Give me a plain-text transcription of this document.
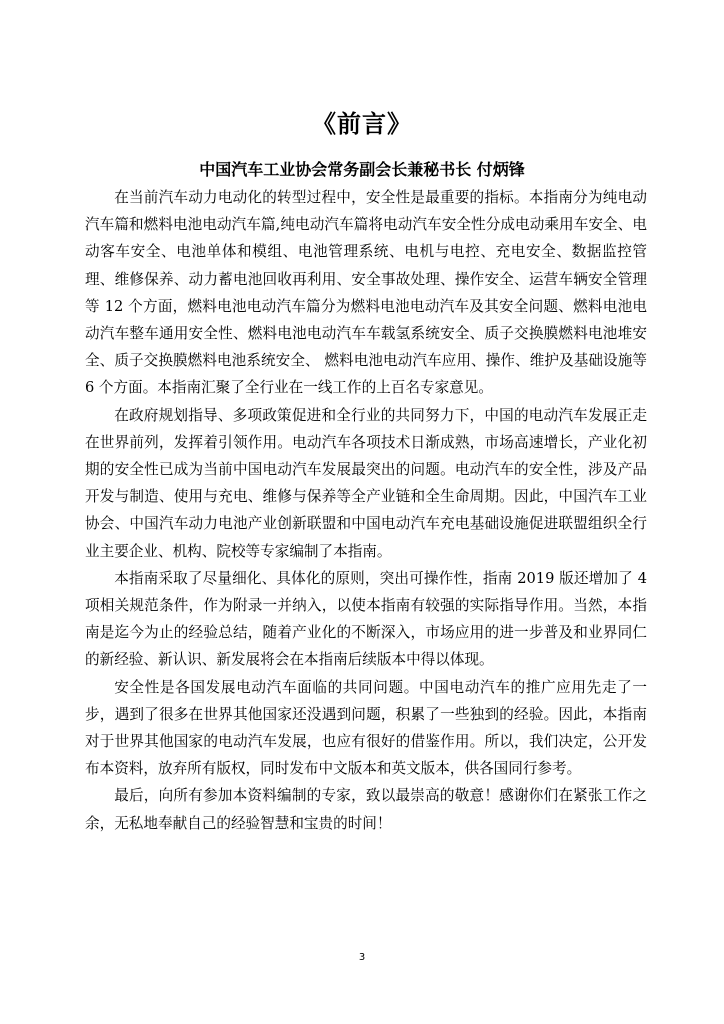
《前言》
中国汽车工业协会常务副会长兼秘书长 付炳锋

在当前汽车动力电动化的转型过程中，安全性是最重要的指标。本指南分为纯电动汽车篇和燃料电池电动汽车篇,纯电动汽车篇将电动汽车安全性分成电动乘用车安全、电动客车安全、电池单体和模组、电池管理系统、电机与电控、充电安全、数据监控管理、维修保养、动力蓄电池回收再利用、安全事故处理、操作安全、运营车辆安全管理等 12 个方面，燃料电池电动汽车篇分为燃料电池电动汽车及其安全问题、燃料电池电动汽车整车通用安全性、燃料电池电动汽车车载氢系统安全、质子交换膜燃料电池堆安全、质子交换膜燃料电池系统安全、 燃料电池电动汽车应用、操作、维护及基础设施等 6 个方面。本指南汇聚了全行业在一线工作的上百名专家意见。

在政府规划指导、多项政策促进和全行业的共同努力下，中国的电动汽车发展正走在世界前列，发挥着引领作用。电动汽车各项技术日渐成熟，市场高速增长，产业化初期的安全性已成为当前中国电动汽车发展最突出的问题。电动汽车的安全性，涉及产品开发与制造、使用与充电、维修与保养等全产业链和全生命周期。因此，中国汽车工业协会、中国汽车动力电池产业创新联盟和中国电动汽车充电基础设施促进联盟组织全行业主要企业、机构、院校等专家编制了本指南。

本指南采取了尽量细化、具体化的原则，突出可操作性，指南 2019 版还增加了 4 项相关规范条件，作为附录一并纳入，以使本指南有较强的实际指导作用。当然，本指南是迄今为止的经验总结，随着产业化的不断深入，市场应用的进一步普及和业界同仁的新经验、新认识、新发展将会在本指南后续版本中得以体现。

安全性是各国发展电动汽车面临的共同问题。中国电动汽车的推广应用先走了一步，遇到了很多在世界其他国家还没遇到问题，积累了一些独到的经验。因此，本指南对于世界其他国家的电动汽车发展，也应有很好的借鉴作用。所以，我们决定，公开发布本资料，放弃所有版权，同时发布中文版本和英文版本，供各国同行参考。

最后，向所有参加本资料编制的专家，致以最崇高的敬意！感谢你们在紧张工作之余，无私地奉献自己的经验智慧和宝贵的时间！

3
